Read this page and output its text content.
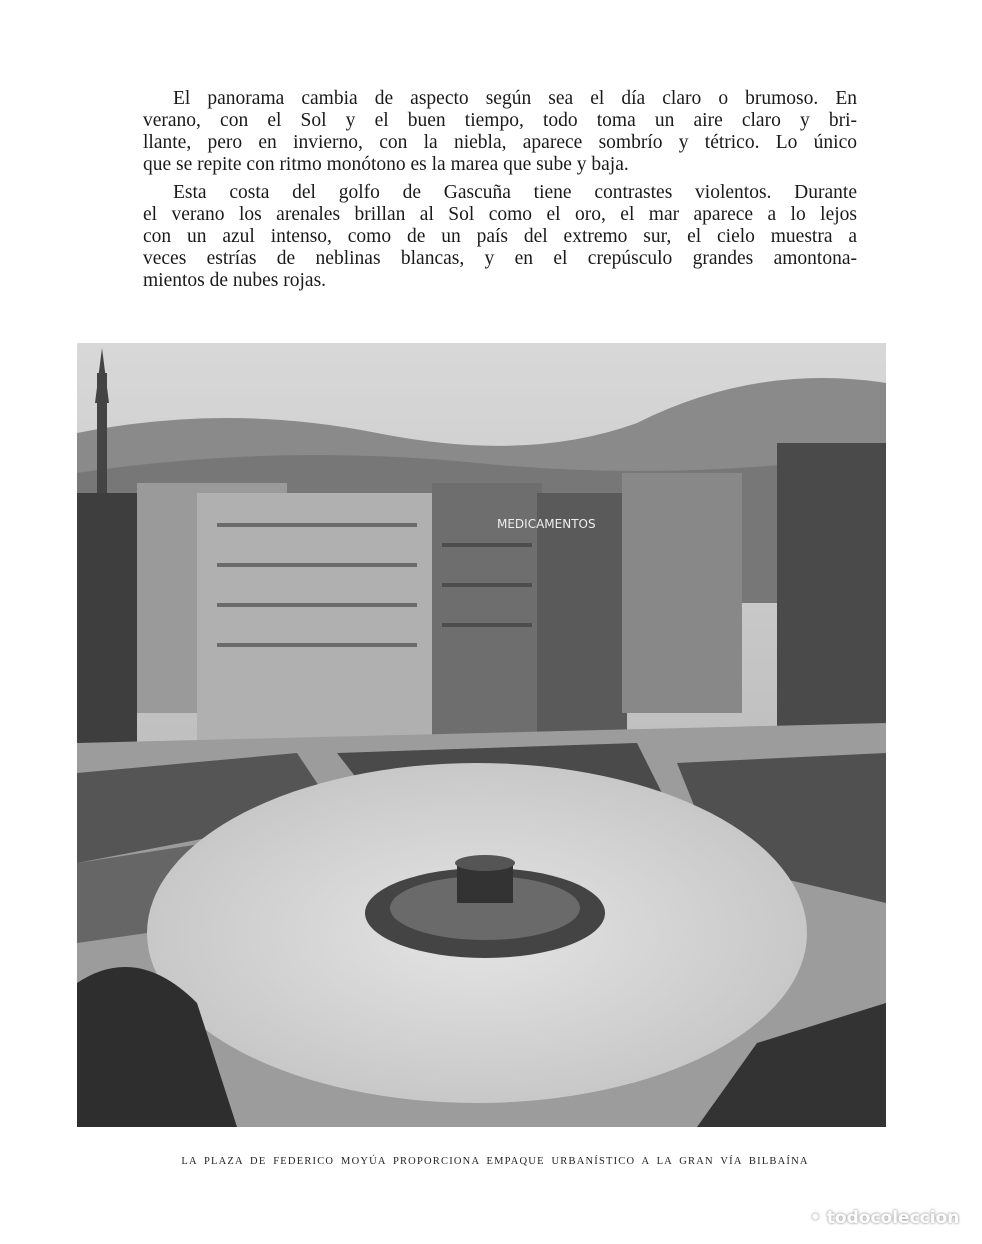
El panorama cambia de aspecto según sea el día claro o brumoso. En
verano, con el Sol y el buen tiempo, todo toma un aire claro y bri-
llante, pero en invierno, con la niebla, aparece sombrío y tétrico. Lo único
que se repite con ritmo monótono es la marea que sube y baja.
Esta costa del golfo de Gascuña tiene contrastes violentos. Durante
el verano los arenales brillan al Sol como el oro, el mar aparece a lo lejos
con un azul intenso, como de un país del extremo sur, el cielo muestra a
veces estrías de neblinas blancas, y en el crepúsculo grandes amontona-
mientos de nubes rojas.
MEDICAMENTOS
LA PLAZA DE FEDERICO MOYÚA PROPORCIONA EMPAQUE URBANÍSTICO A LA GRAN VÍA BILBAÍNA
• todocoleccion
